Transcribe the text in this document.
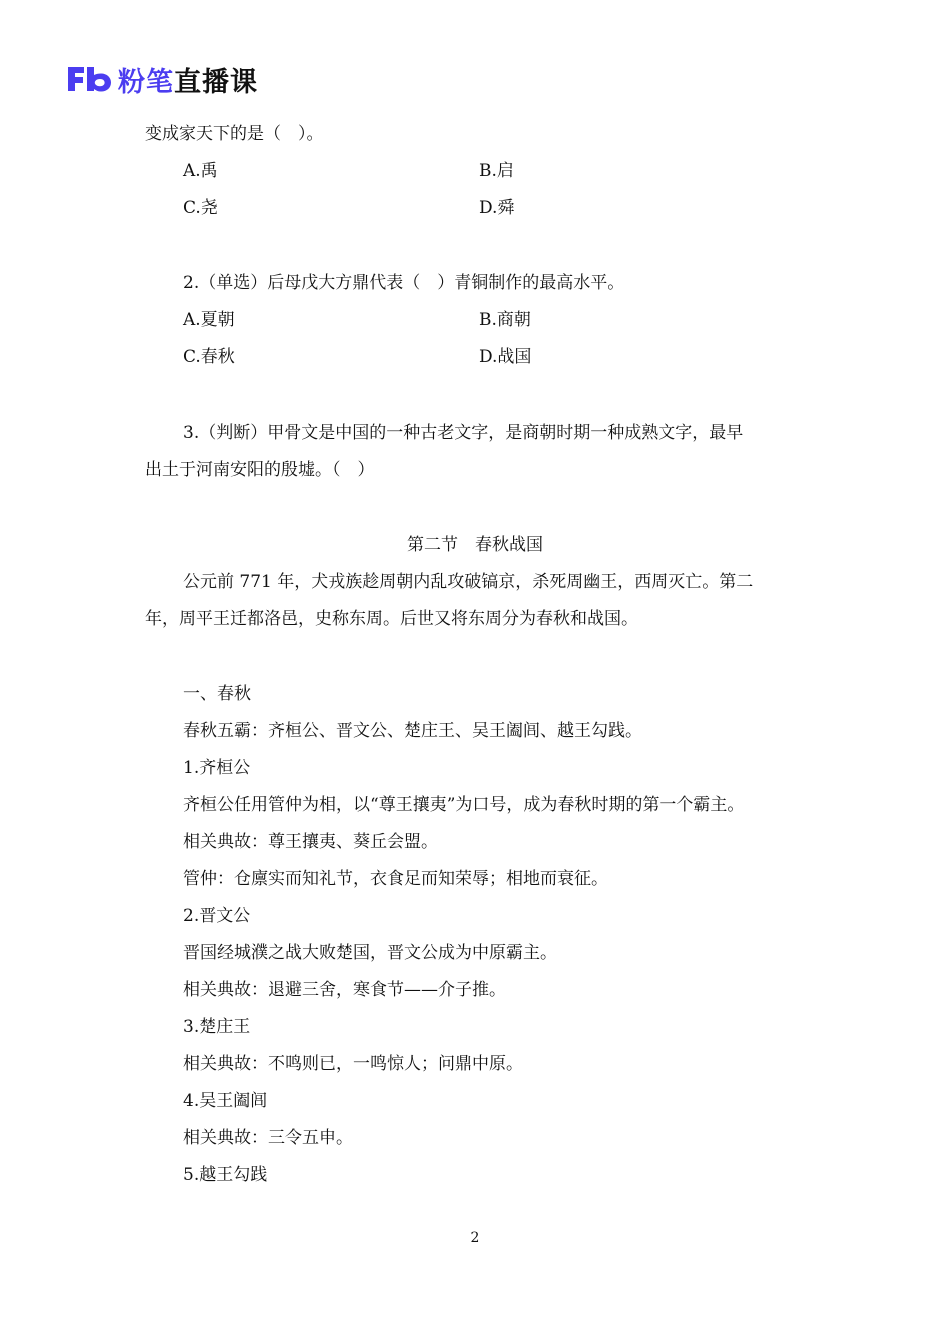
粉笔直播课
变成家天下的是（　）。
A.禹	B.启
C.尧	D.舜
2.（单选）后母戊大方鼎代表（　）青铜制作的最高水平。
A.夏朝	B.商朝
C.春秋	D.战国
3.（判断）甲骨文是中国的一种古老文字，是商朝时期一种成熟文字，最早
出土于河南安阳的殷墟。（　）
第二节　春秋战国
公元前 771 年，犬戎族趁周朝内乱攻破镐京，杀死周幽王，西周灭亡。第二
年，周平王迁都洛邑，史称东周。后世又将东周分为春秋和战国。
一、春秋
春秋五霸：齐桓公、晋文公、楚庄王、吴王阖闾、越王勾践。
1.齐桓公
齐桓公任用管仲为相，以“尊王攘夷”为口号，成为春秋时期的第一个霸主。
相关典故：尊王攘夷、葵丘会盟。
管仲：仓廪实而知礼节，衣食足而知荣辱；相地而衰征。
2.晋文公
晋国经城濮之战大败楚国，晋文公成为中原霸主。
相关典故：退避三舍，寒食节——介子推。
3.楚庄王
相关典故：不鸣则已，一鸣惊人；问鼎中原。
4.吴王阖闾
相关典故：三令五申。
5.越王勾践
2
